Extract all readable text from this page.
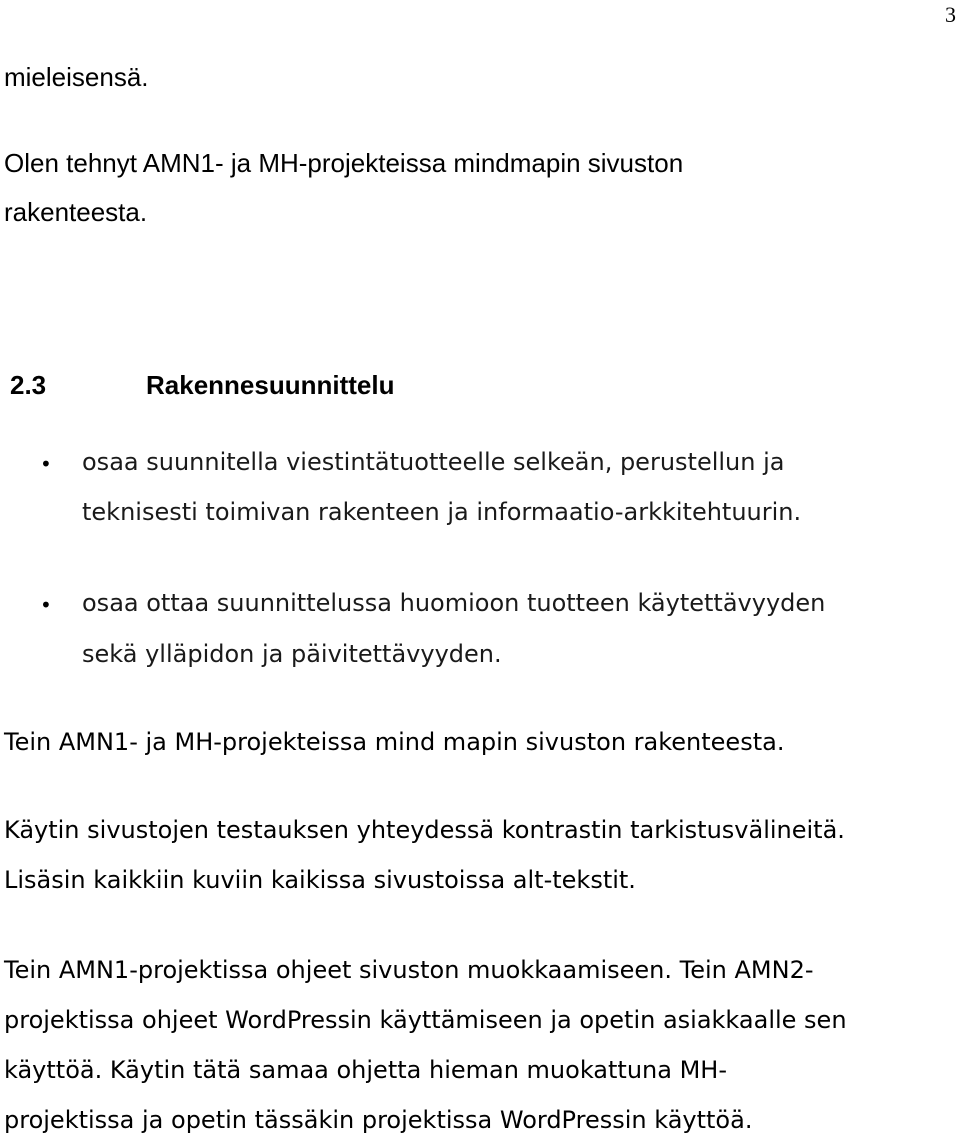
3
mieleisensä.
Olen tehnyt AMN1- ja MH-projekteissa mindmapin sivuston
rakenteesta.
2.3	Rakennesuunnittelu
• osaa suunnitella viestintätuotteelle selkeän, perustellun ja
teknisesti toimivan rakenteen ja informaatio-arkkitehtuurin.
• osaa ottaa suunnittelussa huomioon tuotteen käytettävyyden
sekä ylläpidon ja päivitettävyyden.
Tein AMN1- ja MH-projekteissa mind mapin sivuston rakenteesta.
Käytin sivustojen testauksen yhteydessä kontrastin tarkistusvälineitä.
Lisäsin kaikkiin kuviin kaikissa sivustoissa alt-tekstit.
Tein AMN1-projektissa ohjeet sivuston muokkaamiseen. Tein AMN2-
projektissa ohjeet WordPressin käyttämiseen ja opetin asiakkaalle sen
käyttöä. Käytin tätä samaa ohjetta hieman muokattuna MH-
projektissa ja opetin tässäkin projektissa WordPressin käyttöä.
